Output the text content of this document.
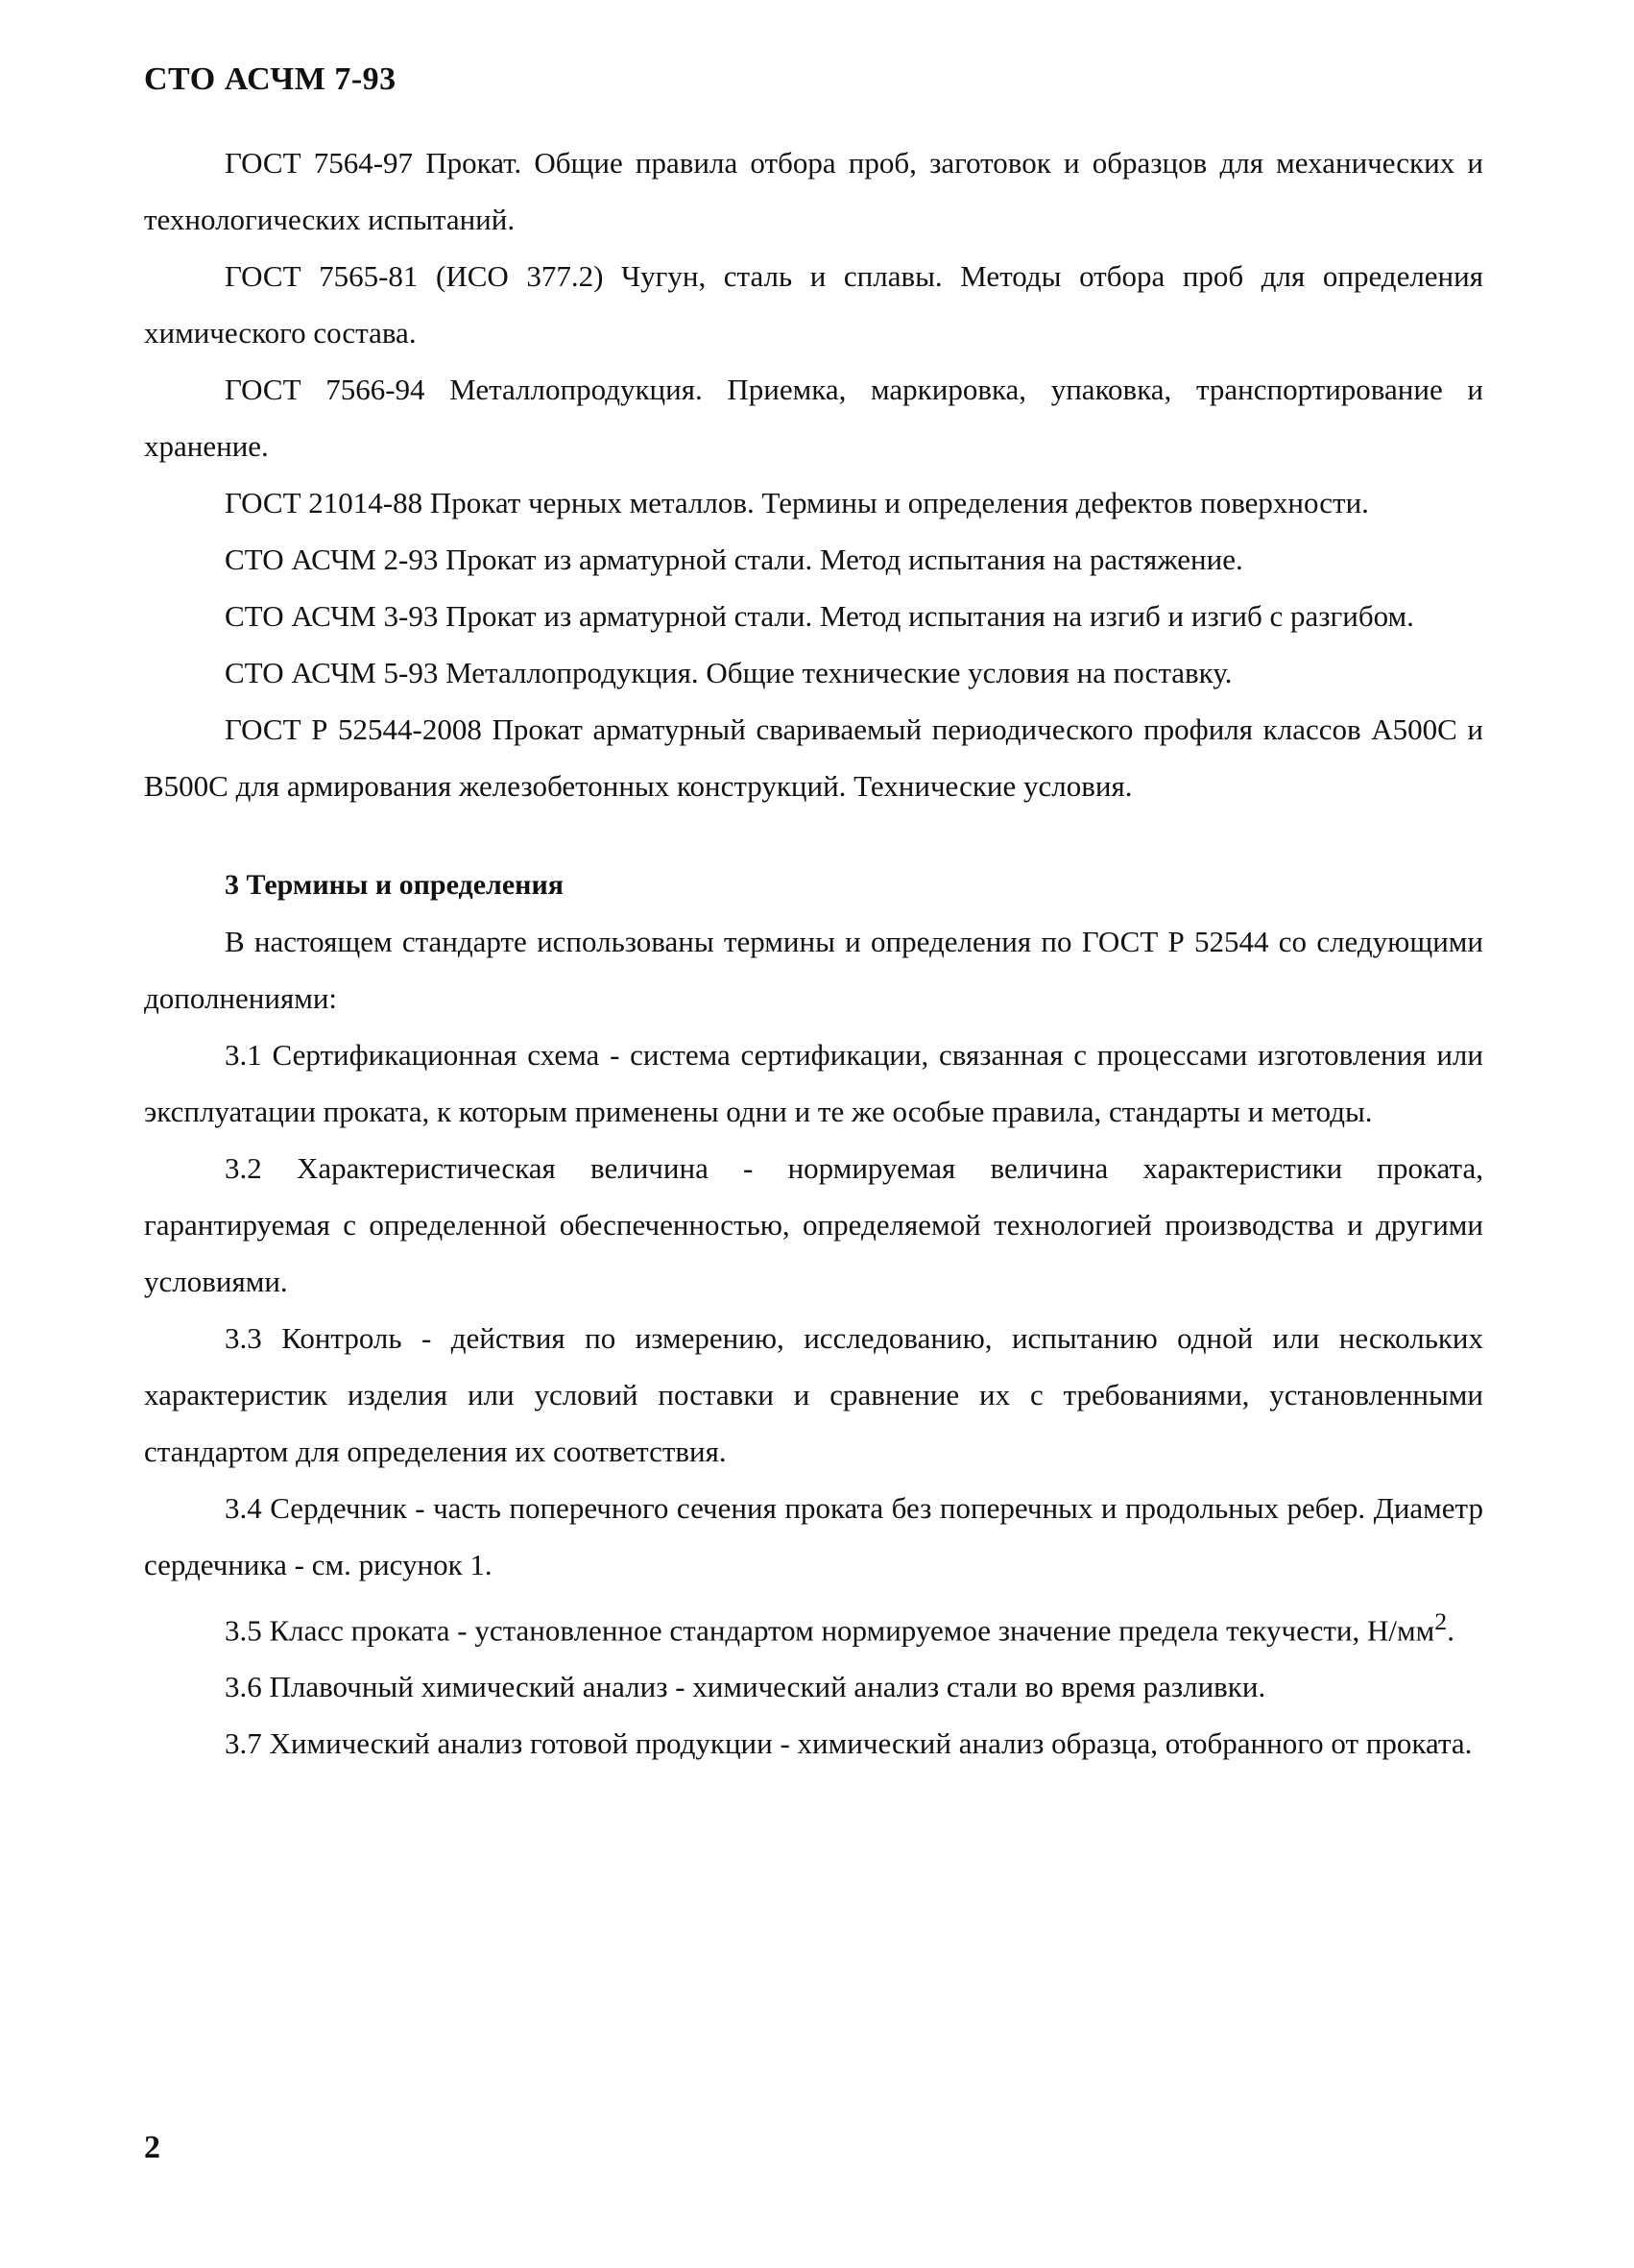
СТО АСЧМ 7-93

ГОСТ 7564-97 Прокат. Общие правила отбора проб, заготовок и образцов для механических и технологических испытаний.

ГОСТ 7565-81 (ИСО 377.2) Чугун, сталь и сплавы. Методы отбора проб для определения химического состава.

ГОСТ 7566-94 Металлопродукция. Приемка, маркировка, упаковка, транспортирование и хранение.

ГОСТ 21014-88 Прокат черных металлов. Термины и определения дефектов поверхности.

СТО АСЧМ 2-93 Прокат из арматурной стали. Метод испытания на растяжение.

СТО АСЧМ 3-93 Прокат из арматурной стали. Метод испытания на изгиб и изгиб с разгибом.

СТО АСЧМ 5-93 Металлопродукция. Общие технические условия на поставку.

ГОСТ Р 52544-2008 Прокат арматурный свариваемый периодического профиля классов А500С и В500С для армирования железобетонных конструкций. Технические условия.

3 Термины и определения

В настоящем стандарте использованы термины и определения по ГОСТ Р 52544 со следующими дополнениями:

3.1 Сертификационная схема - система сертификации, связанная с процессами изготовления или эксплуатации проката, к которым применены одни и те же особые правила, стандарты и методы.

3.2 Характеристическая величина - нормируемая величина характеристики проката, гарантируемая с определенной обеспеченностью, определяемой технологией производства и другими условиями.

3.3 Контроль - действия по измерению, исследованию, испытанию одной или нескольких характеристик изделия или условий поставки и сравнение их с требованиями, установленными стандартом для определения их соответствия.

3.4 Сердечник - часть поперечного сечения проката без поперечных и продольных ребер. Диаметр сердечника - см. рисунок 1.

3.5 Класс проката - установленное стандартом нормируемое значение предела текучести, $Н/мм^2$.

3.6 Плавочный химический анализ - химический анализ стали во время разливки.

3.7 Химический анализ готовой продукции - химический анализ образца, отобранного от проката.

2
